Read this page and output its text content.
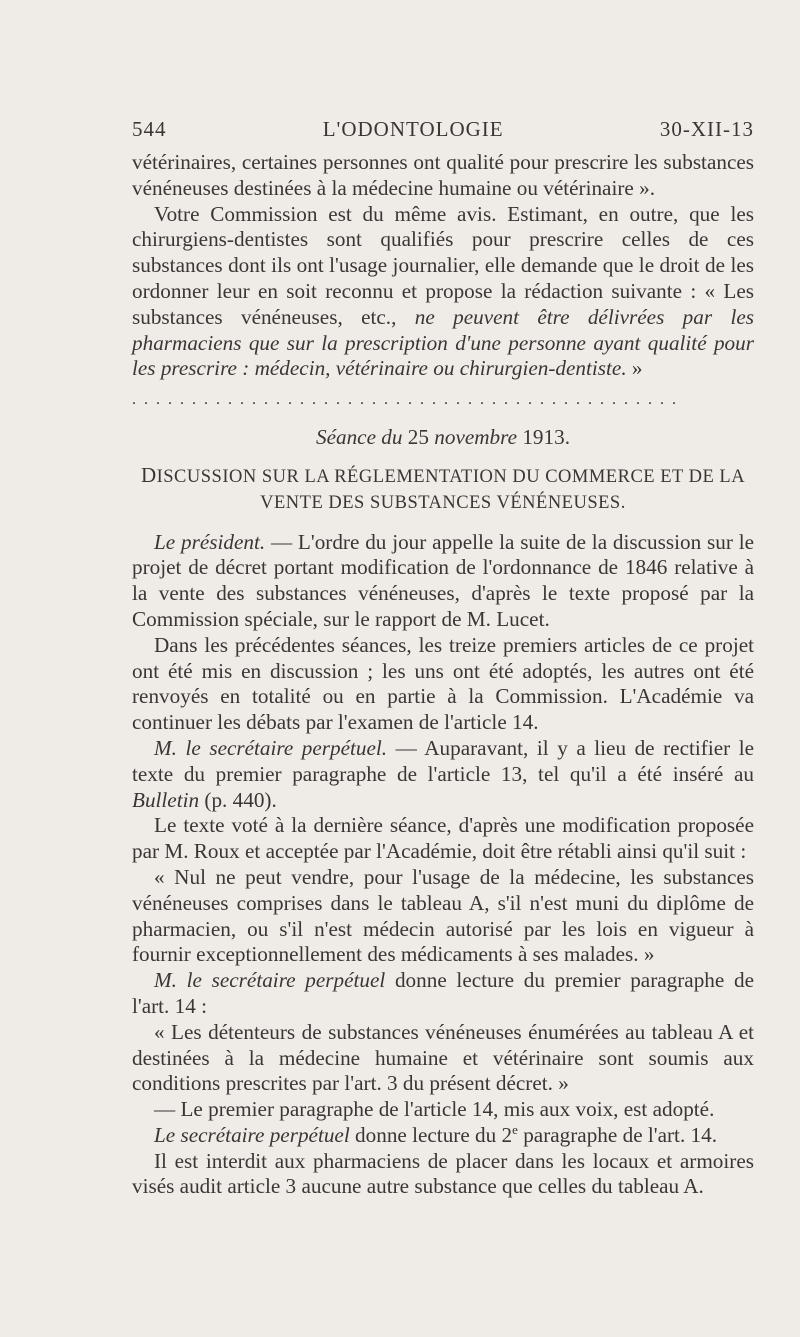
544	L'ODONTOLOGIE	30-XII-13

vétérinaires, certaines personnes ont qualité pour prescrire les substances vénéneuses destinées à la médecine humaine ou vétérinaire ».

Votre Commission est du même avis. Estimant, en outre, que les chirurgiens-dentistes sont qualifiés pour prescrire celles de ces substances dont ils ont l'usage journalier, elle demande que le droit de les ordonner leur en soit reconnu et propose la rédaction suivante : « Les substances vénéneuses, etc., ne peuvent être délivrées par les pharmaciens que sur la prescription d'une personne ayant qualité pour les prescrire : médecin, vétérinaire ou chirurgien-dentiste. »

. . . . . . . . . . . . . . . . . . . . . . . . . . . . . . . . . . . . . . . . . . . . . .

Séance du 25 novembre 1913.

DISCUSSION SUR LA RÉGLEMENTATION DU COMMERCE ET DE LA
VENTE DES SUBSTANCES VÉNÉNEUSES.

Le président. — L'ordre du jour appelle la suite de la discussion sur le projet de décret portant modification de l'ordonnance de 1846 relative à la vente des substances vénéneuses, d'après le texte proposé par la Commission spéciale, sur le rapport de M. Lucet.

Dans les précédentes séances, les treize premiers articles de ce projet ont été mis en discussion ; les uns ont été adoptés, les autres ont été renvoyés en totalité ou en partie à la Commission. L'Académie va continuer les débats par l'examen de l'article 14.

M. le secrétaire perpétuel. — Auparavant, il y a lieu de rectifier le texte du premier paragraphe de l'article 13, tel qu'il a été inséré au Bulletin (p. 440).

Le texte voté à la dernière séance, d'après une modification proposée par M. Roux et acceptée par l'Académie, doit être rétabli ainsi qu'il suit :

« Nul ne peut vendre, pour l'usage de la médecine, les substances vénéneuses comprises dans le tableau A, s'il n'est muni du diplôme de pharmacien, ou s'il n'est médecin autorisé par les lois en vigueur à fournir exceptionnellement des médicaments à ses malades. »

M. le secrétaire perpétuel donne lecture du premier paragraphe de l'art. 14 :

« Les détenteurs de substances vénéneuses énumérées au tableau A et destinées à la médecine humaine et vétérinaire sont soumis aux conditions prescrites par l'art. 3 du présent décret. »

— Le premier paragraphe de l'article 14, mis aux voix, est adopté.

Le secrétaire perpétuel donne lecture du 2e paragraphe de l'art. 14.

Il est interdit aux pharmaciens de placer dans les locaux et armoires visés audit article 3 aucune autre substance que celles du tableau A.
